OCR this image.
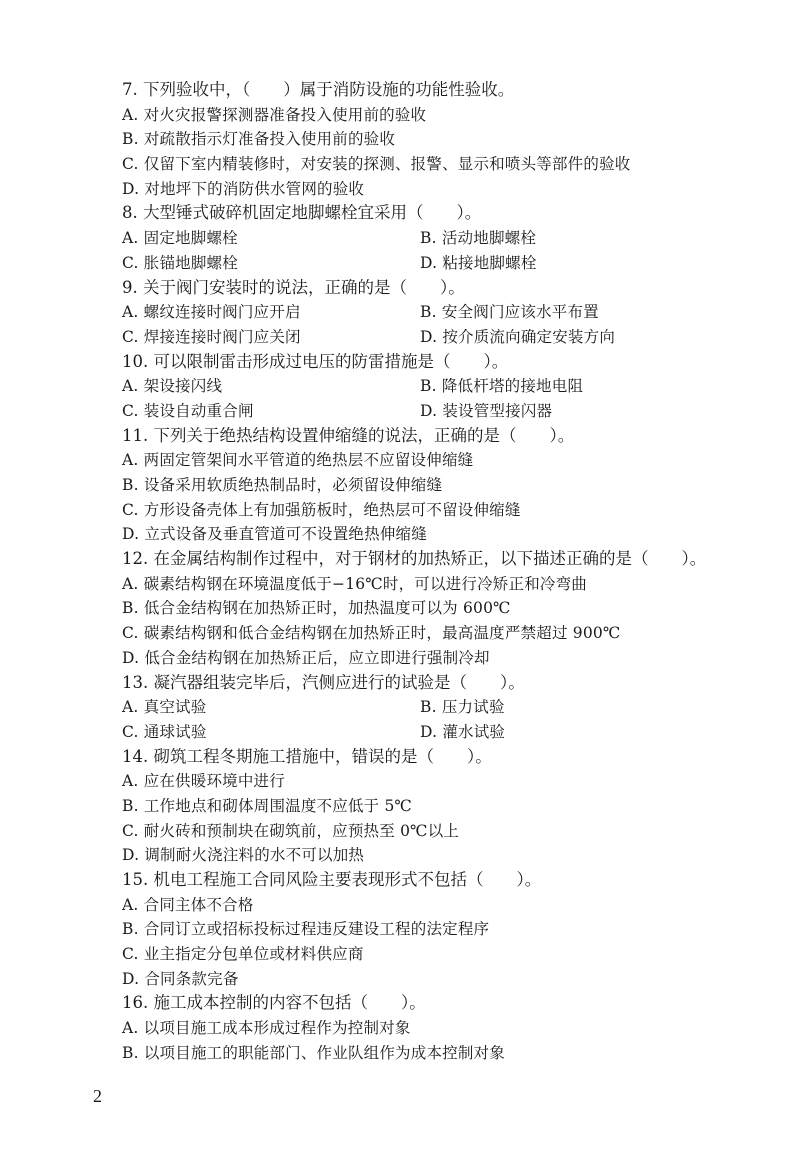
7. 下列验收中，（　　）属于消防设施的功能性验收。
A. 对火灾报警探测器准备投入使用前的验收
B. 对疏散指示灯准备投入使用前的验收
C. 仅留下室内精装修时，对安装的探测、报警、显示和喷头等部件的验收
D. 对地坪下的消防供水管网的验收
8. 大型锤式破碎机固定地脚螺栓宜采用（　　）。
A. 固定地脚螺栓	B. 活动地脚螺栓
C. 胀锚地脚螺栓	D. 粘接地脚螺栓
9. 关于阀门安装时的说法，正确的是（　　）。
A. 螺纹连接时阀门应开启	B. 安全阀门应该水平布置
C. 焊接连接时阀门应关闭	D. 按介质流向确定安装方向
10. 可以限制雷击形成过电压的防雷措施是（　　）。
A. 架设接闪线	B. 降低杆塔的接地电阻
C. 装设自动重合闸	D. 装设管型接闪器
11. 下列关于绝热结构设置伸缩缝的说法，正确的是（　　）。
A. 两固定管架间水平管道的绝热层不应留设伸缩缝
B. 设备采用软质绝热制品时，必须留设伸缩缝
C. 方形设备壳体上有加强筋板时，绝热层可不留设伸缩缝
D. 立式设备及垂直管道可不设置绝热伸缩缝
12. 在金属结构制作过程中，对于钢材的加热矫正，以下描述正确的是（　　）。
A. 碳素结构钢在环境温度低于−16℃时，可以进行冷矫正和冷弯曲
B. 低合金结构钢在加热矫正时，加热温度可以为 600℃
C. 碳素结构钢和低合金结构钢在加热矫正时，最高温度严禁超过 900℃
D. 低合金结构钢在加热矫正后，应立即进行强制冷却
13. 凝汽器组装完毕后，汽侧应进行的试验是（　　）。
A. 真空试验	B. 压力试验
C. 通球试验	D. 灌水试验
14. 砌筑工程冬期施工措施中，错误的是（　　）。
A. 应在供暖环境中进行
B. 工作地点和砌体周围温度不应低于 5℃
C. 耐火砖和预制块在砌筑前，应预热至 0℃以上
D. 调制耐火浇注料的水不可以加热
15. 机电工程施工合同风险主要表现形式不包括（　　）。
A. 合同主体不合格
B. 合同订立或招标投标过程违反建设工程的法定程序
C. 业主指定分包单位或材料供应商
D. 合同条款完备
16. 施工成本控制的内容不包括（　　）。
A. 以项目施工成本形成过程作为控制对象
B. 以项目施工的职能部门、作业队组作为成本控制对象
2
